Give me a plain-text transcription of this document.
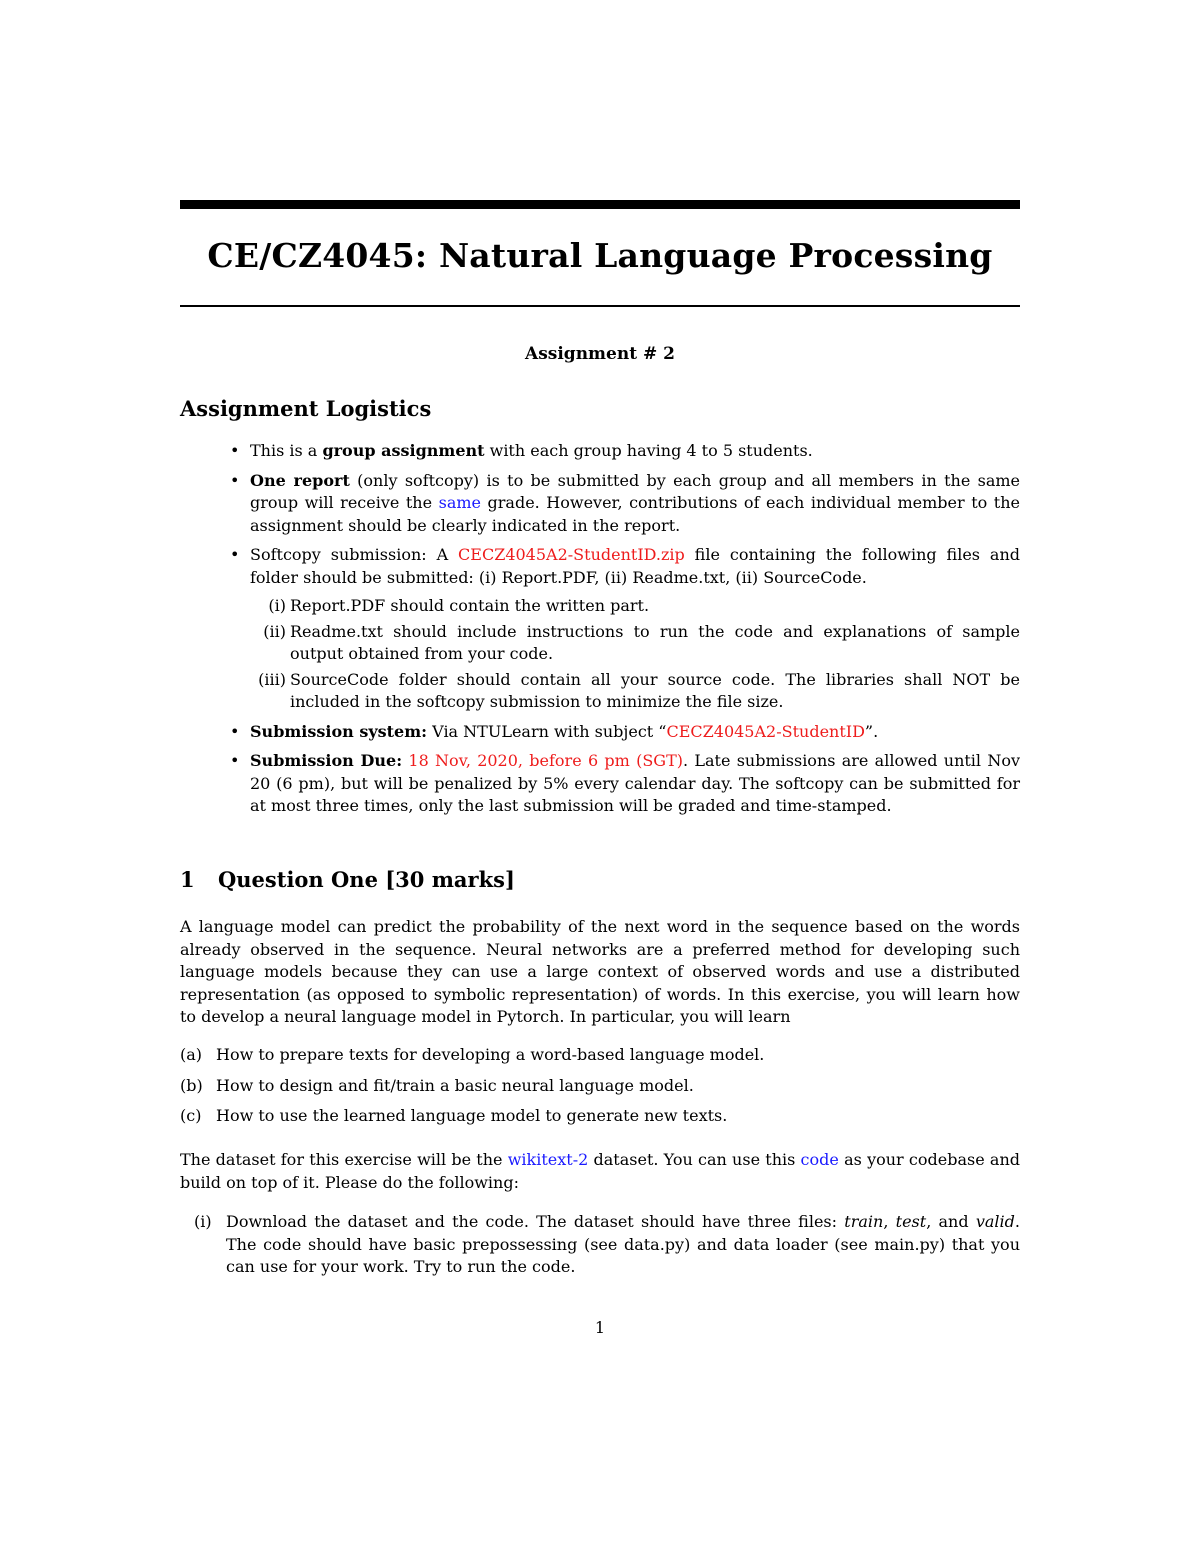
CE/CZ4045: Natural Language Processing
Assignment # 2
Assignment Logistics
• This is a group assignment with each group having 4 to 5 students.
• One report (only softcopy) is to be submitted by each group and all members in the same group will receive the same grade. However, contributions of each individual member to the assignment should be clearly indicated in the report.
• Softcopy submission: A CECZ4045A2-StudentID.zip file containing the following files and folder should be submitted: (i) Report.PDF, (ii) Readme.txt, (ii) SourceCode.
(i) Report.PDF should contain the written part.
(ii) Readme.txt should include instructions to run the code and explanations of sample output obtained from your code.
(iii) SourceCode folder should contain all your source code. The libraries shall NOT be included in the softcopy submission to minimize the file size.
• Submission system: Via NTULearn with subject “CECZ4045A2-StudentID”.
• Submission Due: 18 Nov, 2020, before 6 pm (SGT). Late submissions are allowed until Nov 20 (6 pm), but will be penalized by 5% every calendar day. The softcopy can be submitted for at most three times, only the last submission will be graded and time-stamped.
1 Question One [30 marks]
A language model can predict the probability of the next word in the sequence based on the words already observed in the sequence. Neural networks are a preferred method for developing such language models because they can use a large context of observed words and use a distributed representation (as opposed to symbolic representation) of words. In this exercise, you will learn how to develop a neural language model in Pytorch. In particular, you will learn
(a) How to prepare texts for developing a word-based language model.
(b) How to design and fit/train a basic neural language model.
(c) How to use the learned language model to generate new texts.
The dataset for this exercise will be the wikitext-2 dataset. You can use this code as your codebase and build on top of it. Please do the following:
(i) Download the dataset and the code. The dataset should have three files: train, test, and valid. The code should have basic prepossessing (see data.py) and data loader (see main.py) that you can use for your work. Try to run the code.
1
